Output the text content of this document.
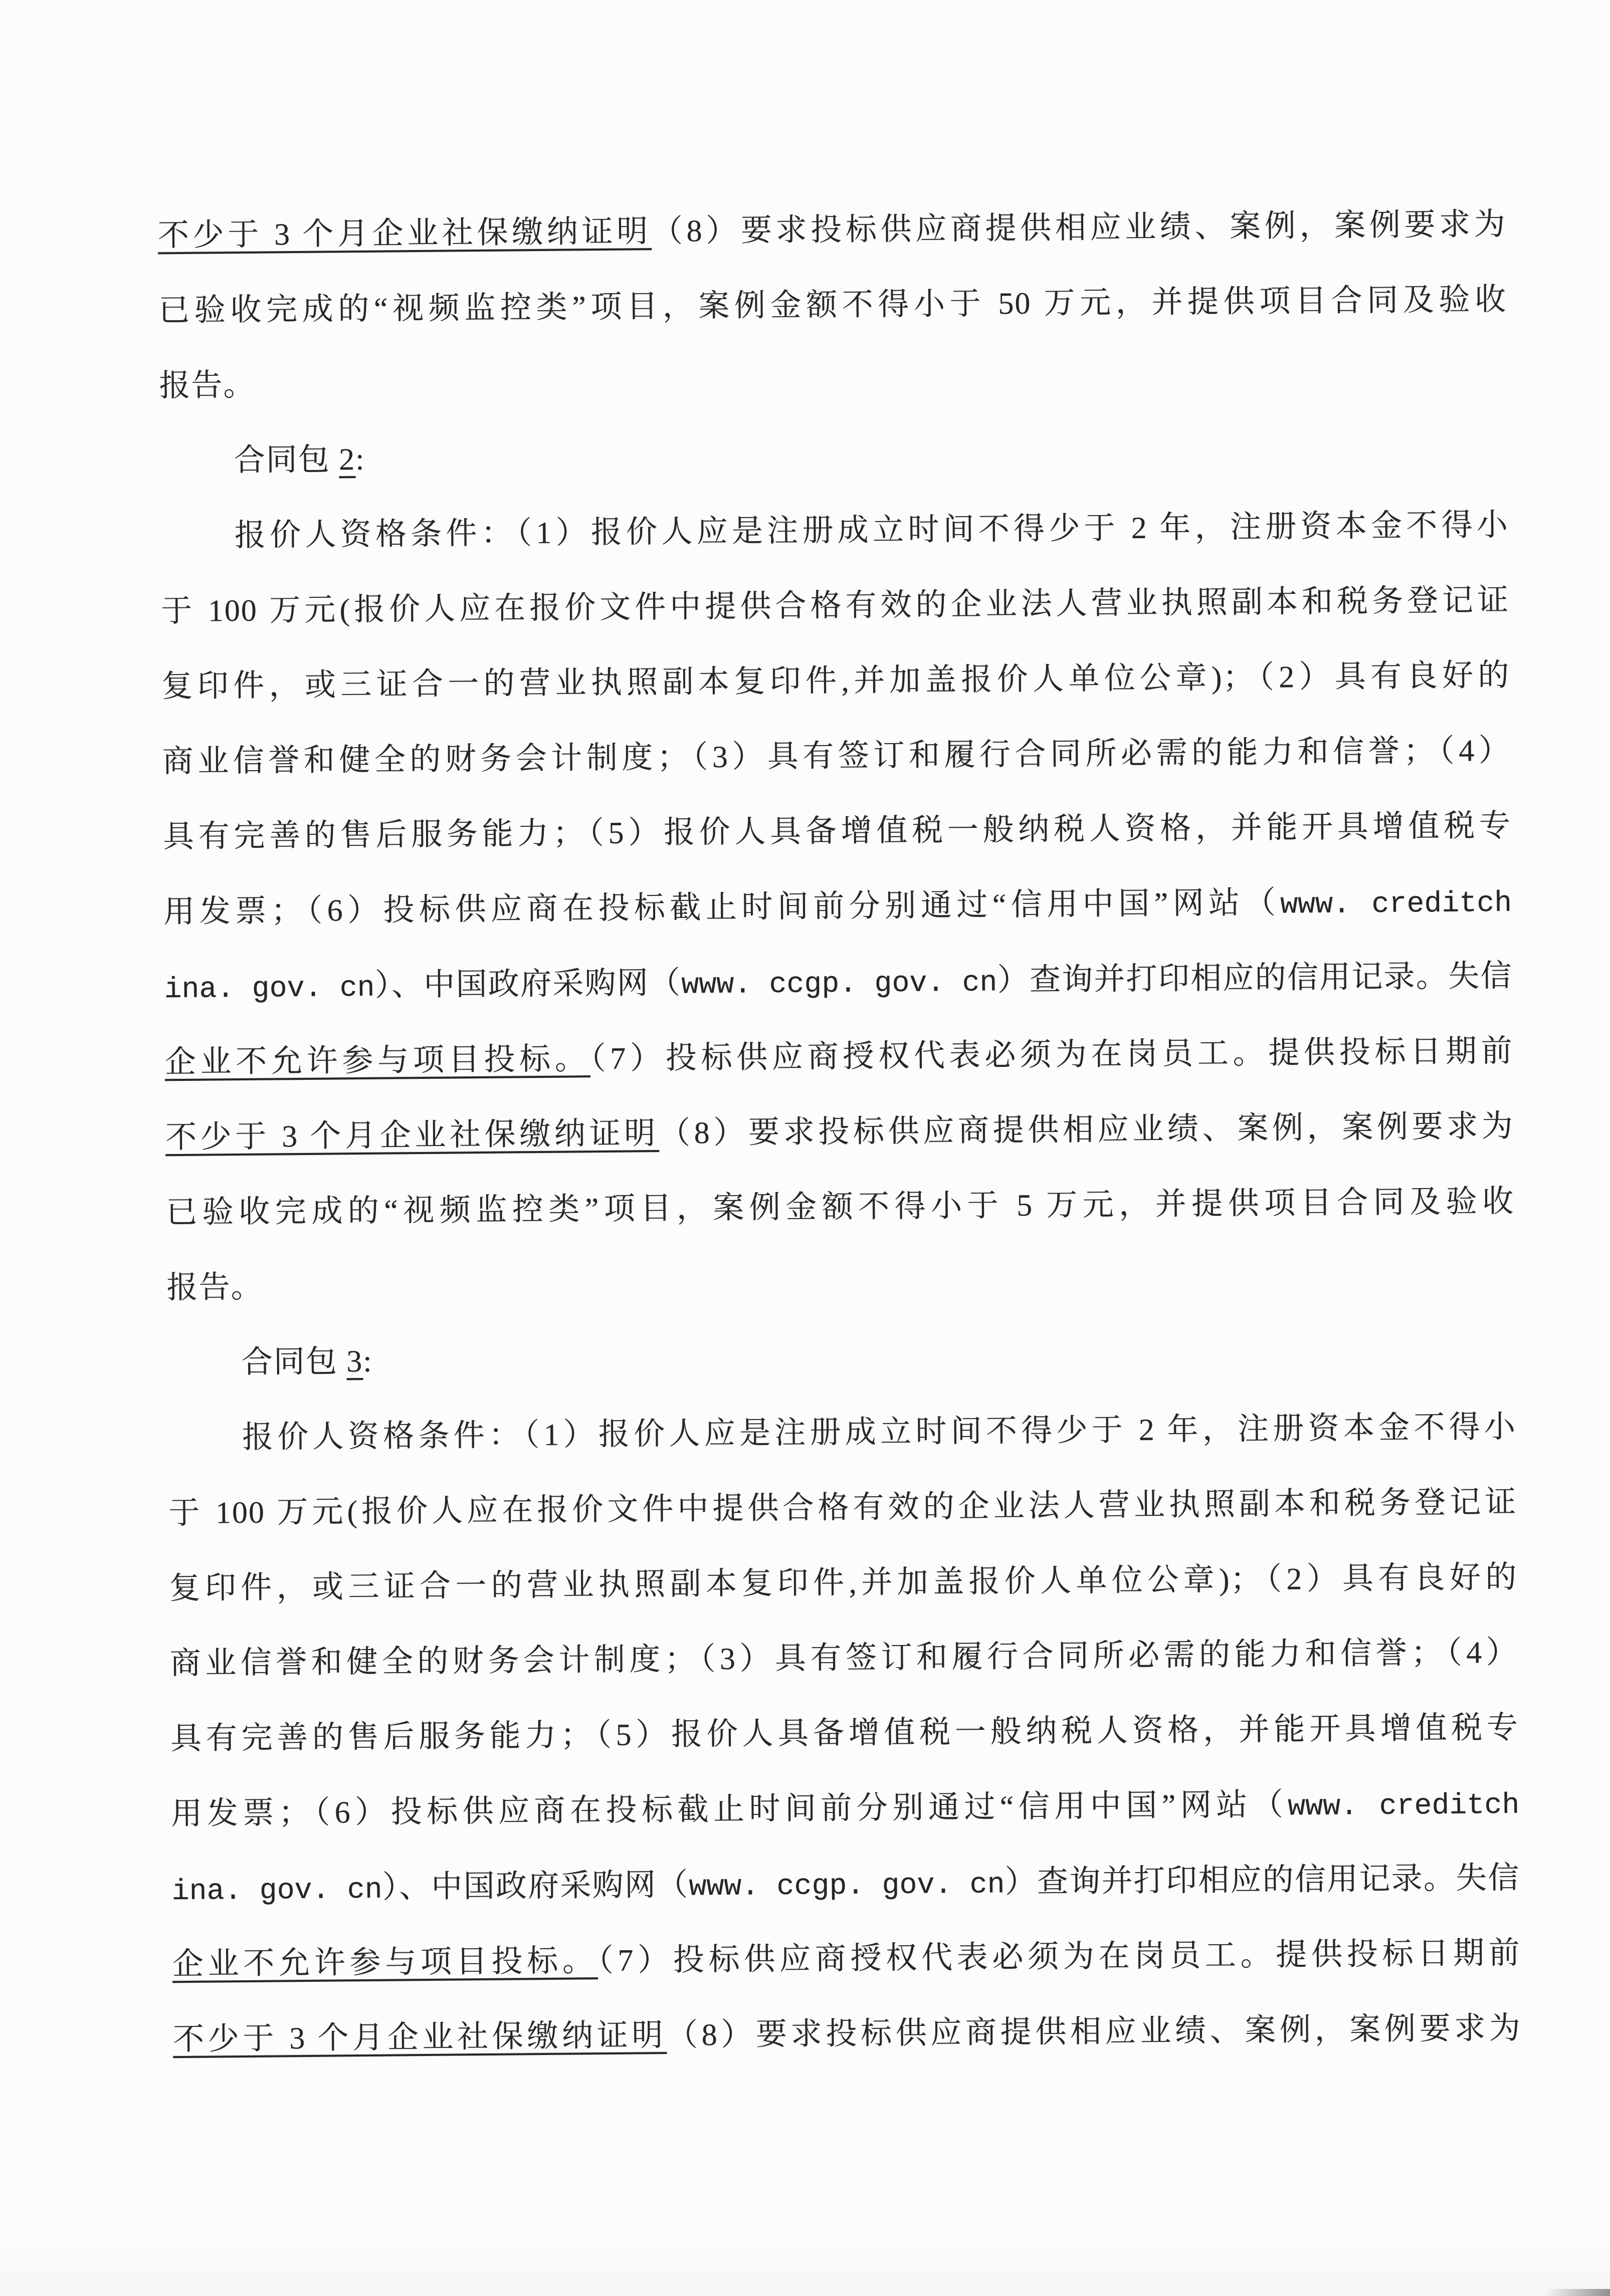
不少于 3 个月企业社保缴纳证明（8）要求投标供应商提供相应业绩、案例，案例要求为
已验收完成的“视频监控类”项目，案例金额不得小于 50 万元，并提供项目合同及验收
报告。
合同包 2:
报价人资格条件：（1）报价人应是注册成立时间不得少于 2 年，注册资本金不得小
于 100 万元(报价人应在报价文件中提供合格有效的企业法人营业执照副本和税务登记证
复印件，或三证合一的营业执照副本复印件,并加盖报价人单位公章)；（2）具有良好的
商业信誉和健全的财务会计制度；（3）具有签订和履行合同所必需的能力和信誉；（4）
具有完善的售后服务能力；（5）报价人具备增值税一般纳税人资格，并能开具增值税专
用发票；（6）投标供应商在投标截止时间前分别通过“信用中国”网站（www. creditch
ina. gov. cn）、中国政府采购网（www. ccgp. gov. cn）查询并打印相应的信用记录。失信
企业不允许参与项目投标。（7）投标供应商授权代表必须为在岗员工。提供投标日期前
不少于 3 个月企业社保缴纳证明（8）要求投标供应商提供相应业绩、案例，案例要求为
已验收完成的“视频监控类”项目，案例金额不得小于 5 万元，并提供项目合同及验收
报告。
合同包 3:
报价人资格条件：（1）报价人应是注册成立时间不得少于 2 年，注册资本金不得小
于 100 万元(报价人应在报价文件中提供合格有效的企业法人营业执照副本和税务登记证
复印件，或三证合一的营业执照副本复印件,并加盖报价人单位公章)；（2）具有良好的
商业信誉和健全的财务会计制度；（3）具有签订和履行合同所必需的能力和信誉；（4）
具有完善的售后服务能力；（5）报价人具备增值税一般纳税人资格，并能开具增值税专
用发票；（6）投标供应商在投标截止时间前分别通过“信用中国”网站（www. creditch
ina. gov. cn）、中国政府采购网（www. ccgp. gov. cn）查询并打印相应的信用记录。失信
企业不允许参与项目投标。（7）投标供应商授权代表必须为在岗员工。提供投标日期前
不少于 3 个月企业社保缴纳证明（8）要求投标供应商提供相应业绩、案例，案例要求为
